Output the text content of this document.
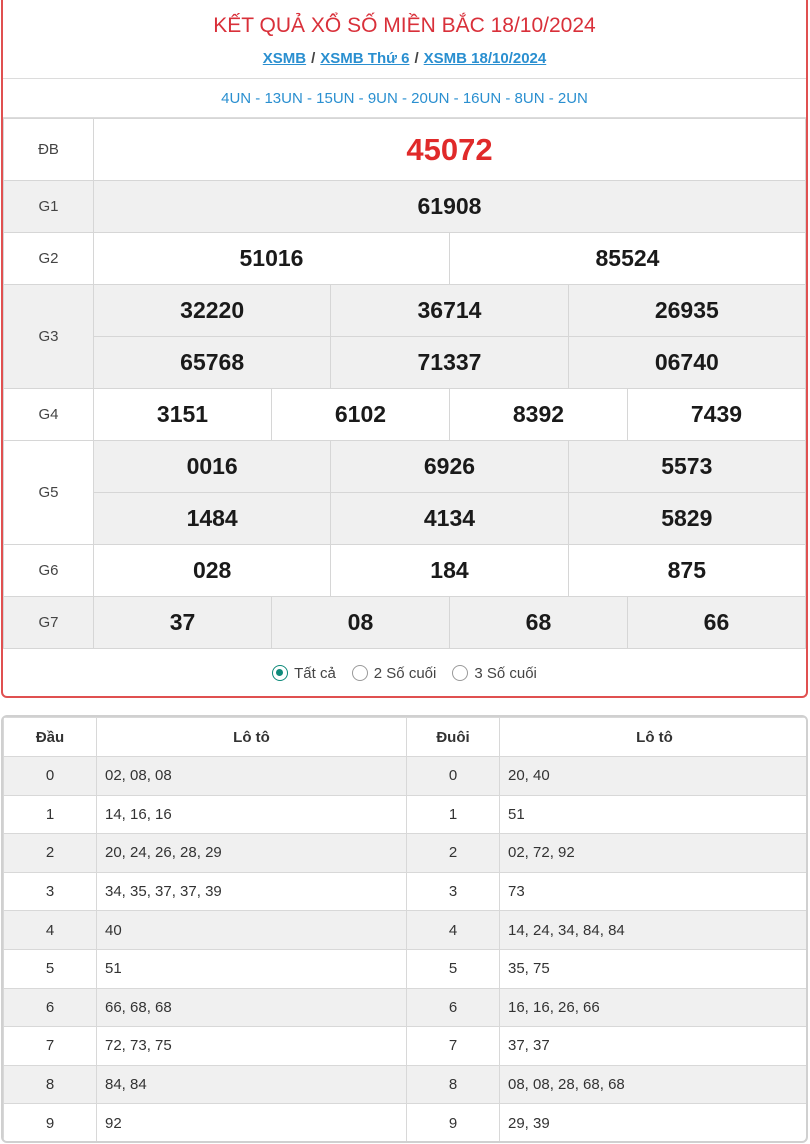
KẾT QUẢ XỔ SỐ MIỀN BẮC 18/10/2024
XSMB / XSMB Thứ 6 / XSMB 18/10/2024
4UN - 13UN - 15UN - 9UN - 20UN - 16UN - 8UN - 2UN
ĐB	45072					
G1	61908					
G2	51016			85524		
G3	32220		36714		26935	
	65768		71337		06740	
G4	3151	6102		8392		7439
G5	0016		6926		5573	
	1484		4134		5829	
G6	028		184		875	
G7	37	08		68		66
Tất cả	2 Số cuối	3 Số cuối
Đầu	Lô tô	Đuôi	Lô tô
0	02, 08, 08	0	20, 40
1	14, 16, 16	1	51
2	20, 24, 26, 28, 29	2	02, 72, 92
3	34, 35, 37, 37, 39	3	73
4	40	4	14, 24, 34, 84, 84
5	51	5	35, 75
6	66, 68, 68	6	16, 16, 26, 66
7	72, 73, 75	7	37, 37
8	84, 84	8	08, 08, 28, 68, 68
9	92	9	29, 39
